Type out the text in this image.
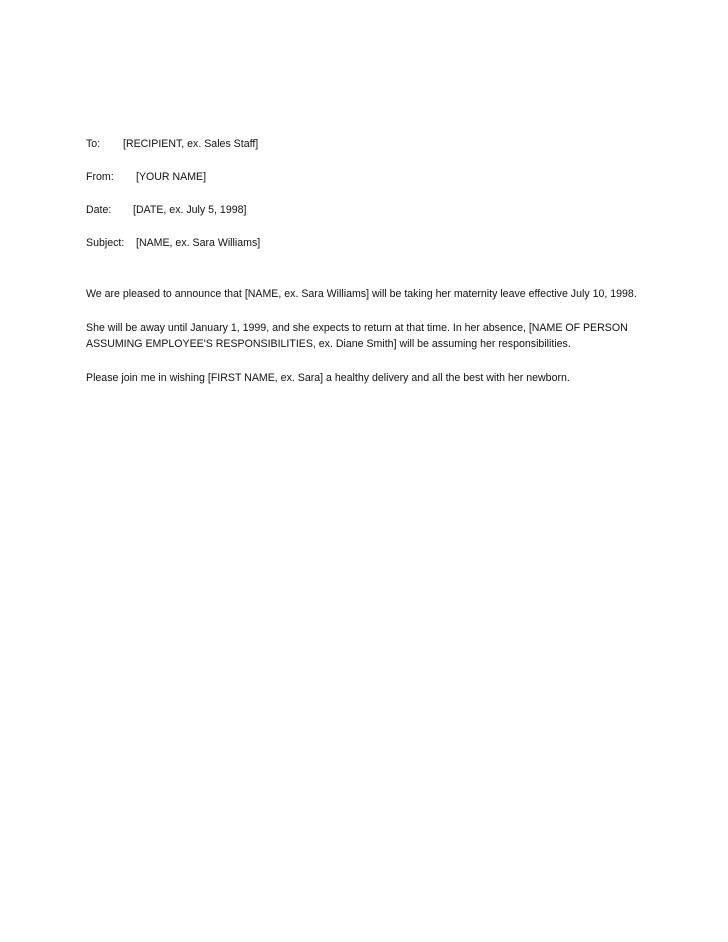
To: [RECIPIENT, ex. Sales Staff]
From: [YOUR NAME]
Date: [DATE, ex. July 5, 1998]
Subject: [NAME, ex. Sara Williams]

We are pleased to announce that [NAME, ex. Sara Williams] will be taking her maternity leave effective July 10, 1998.

She will be away until January 1, 1999, and she expects to return at that time. In her absence, [NAME OF PERSON ASSUMING EMPLOYEE'S RESPONSIBILITIES, ex. Diane Smith] will be assuming her responsibilities.

Please join me in wishing [FIRST NAME, ex. Sara] a healthy delivery and all the best with her newborn.
